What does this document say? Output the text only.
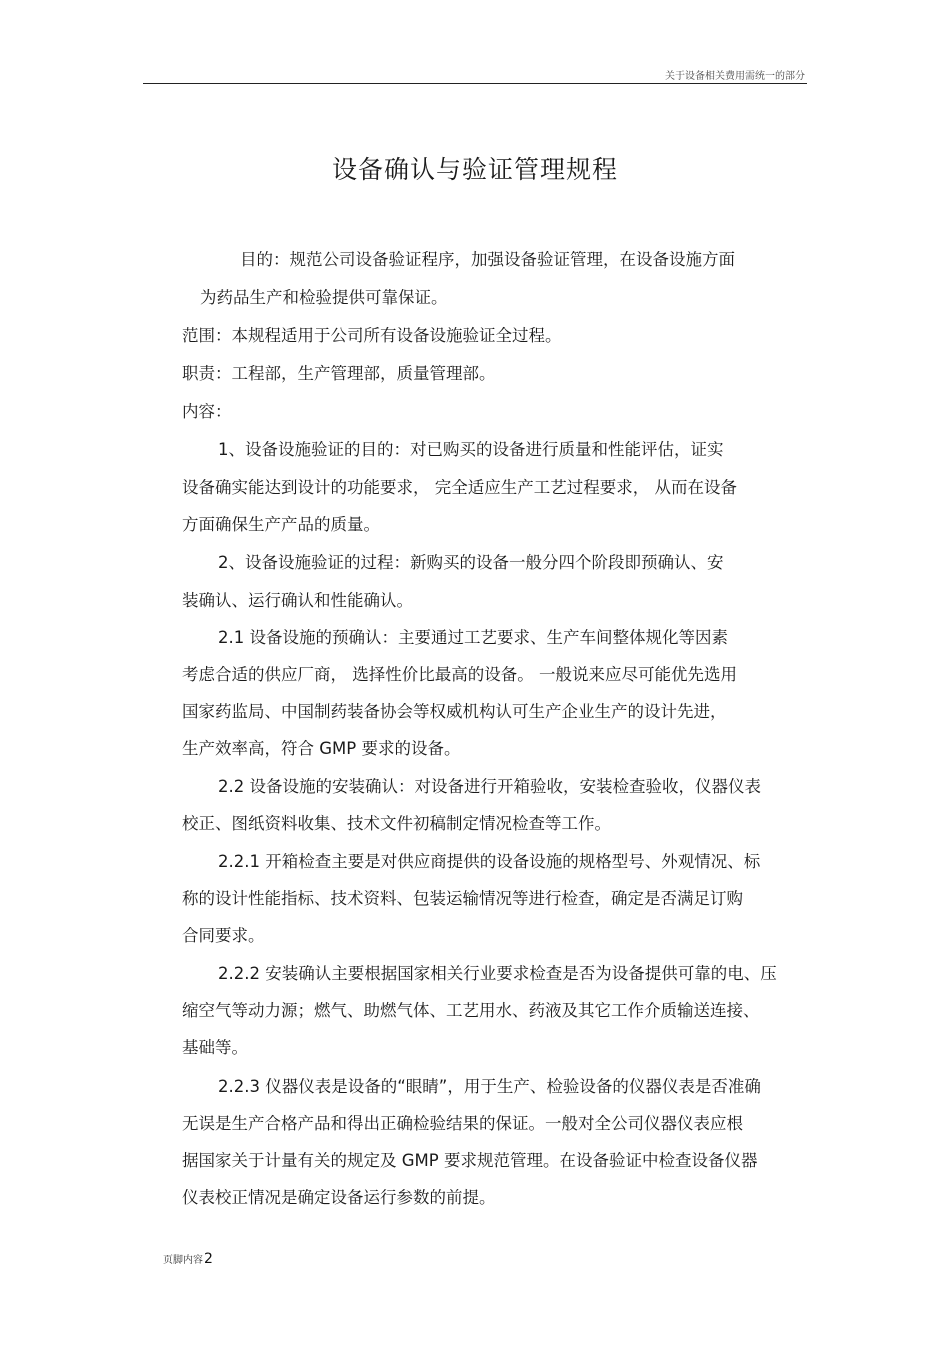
关于设备相关费用需统一的部分
设备确认与验证管理规程
目的：规范公司设备验证程序，加强设备验证管理，在设备设施方面
为药品生产和检验提供可靠保证。
范围：本规程适用于公司所有设备设施验证全过程。
职责：工程部，生产管理部，质量管理部。
内容：
1、设备设施验证的目的：对已购买的设备进行质量和性能评估，证实
设备确实能达到设计的功能要求， 完全适应生产工艺过程要求， 从而在设备
方面确保生产产品的质量。
2、设备设施验证的过程：新购买的设备一般分四个阶段即预确认、安
装确认、运行确认和性能确认。
2.1 设备设施的预确认：主要通过工艺要求、生产车间整体规化等因素
考虑合适的供应厂商， 选择性价比最高的设备。 一般说来应尽可能优先选用
国家药监局、中国制药装备协会等权威机构认可生产企业生产的设计先进，
生产效率高，符合 GMP 要求的设备。
2.2 设备设施的安装确认：对设备进行开箱验收，安装检查验收，仪器仪表
校正、图纸资料收集、技术文件初稿制定情况检查等工作。
2.2.1 开箱检查主要是对供应商提供的设备设施的规格型号、外观情况、标
称的设计性能指标、技术资料、包装运输情况等进行检查，确定是否满足订购
合同要求。
2.2.2 安装确认主要根据国家相关行业要求检查是否为设备提供可靠的电、压
缩空气等动力源；燃气、助燃气体、工艺用水、药液及其它工作介质输送连接、
基础等。
2.2.3 仪器仪表是设备的“眼睛”，用于生产、检验设备的仪器仪表是否准确
无误是生产合格产品和得出正确检验结果的保证。一般对全公司仪器仪表应根
据国家关于计量有关的规定及 GMP 要求规范管理。在设备验证中检查设备仪器
仪表校正情况是确定设备运行参数的前提。
页脚内容2
